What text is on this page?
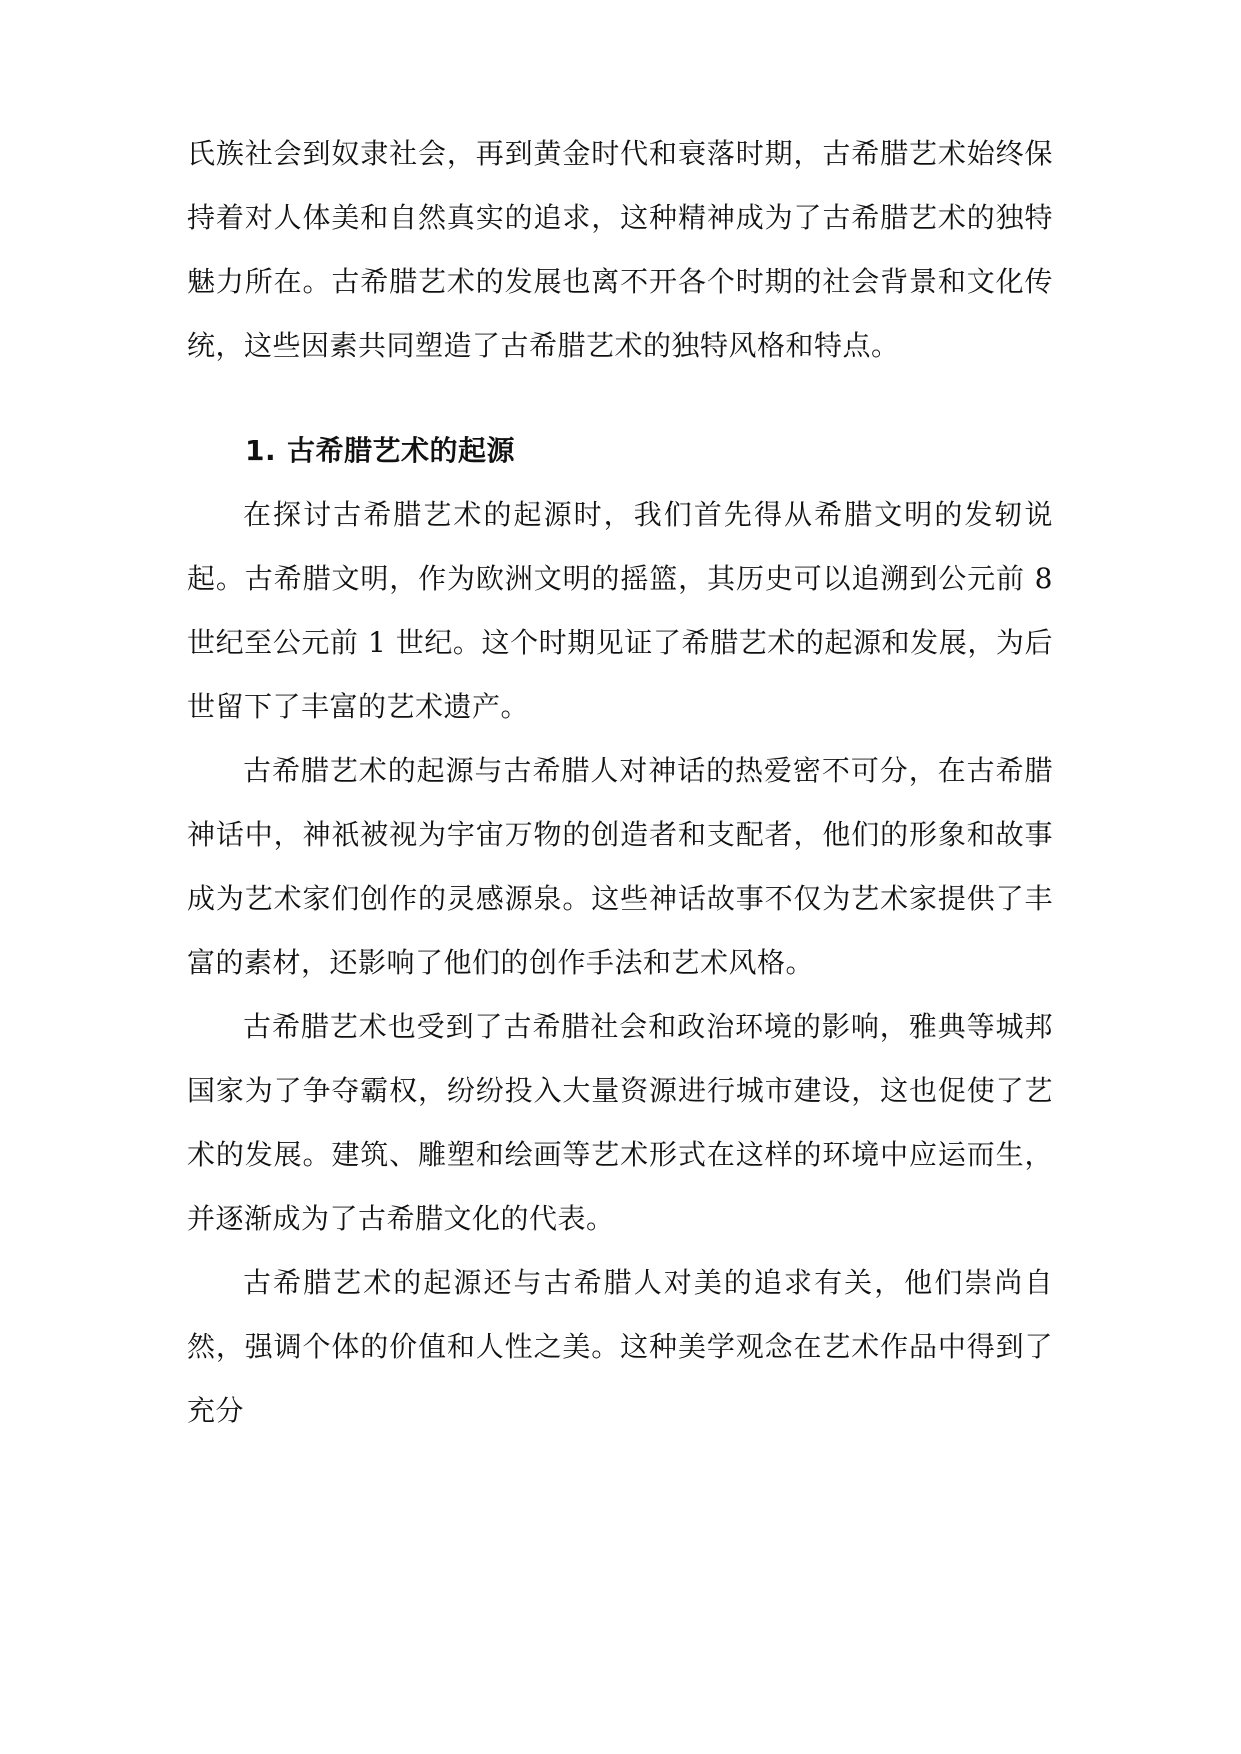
氏族社会到奴隶社会，再到黄金时代和衰落时期，古希腊艺术始终保持着对人体美和自然真实的追求，这种精神成为了古希腊艺术的独特魅力所在。古希腊艺术的发展也离不开各个时期的社会背景和文化传统，这些因素共同塑造了古希腊艺术的独特风格和特点。

1. 古希腊艺术的起源

在探讨古希腊艺术的起源时，我们首先得从希腊文明的发轫说起。古希腊文明，作为欧洲文明的摇篮，其历史可以追溯到公元前 8 世纪至公元前 1 世纪。这个时期见证了希腊艺术的起源和发展，为后世留下了丰富的艺术遗产。

古希腊艺术的起源与古希腊人对神话的热爱密不可分，在古希腊神话中，神祇被视为宇宙万物的创造者和支配者，他们的形象和故事成为艺术家们创作的灵感源泉。这些神话故事不仅为艺术家提供了丰富的素材，还影响了他们的创作手法和艺术风格。

古希腊艺术也受到了古希腊社会和政治环境的影响，雅典等城邦国家为了争夺霸权，纷纷投入大量资源进行城市建设，这也促使了艺术的发展。建筑、雕塑和绘画等艺术形式在这样的环境中应运而生，并逐渐成为了古希腊文化的代表。

古希腊艺术的起源还与古希腊人对美的追求有关，他们崇尚自然，强调个体的价值和人性之美。这种美学观念在艺术作品中得到了充分
